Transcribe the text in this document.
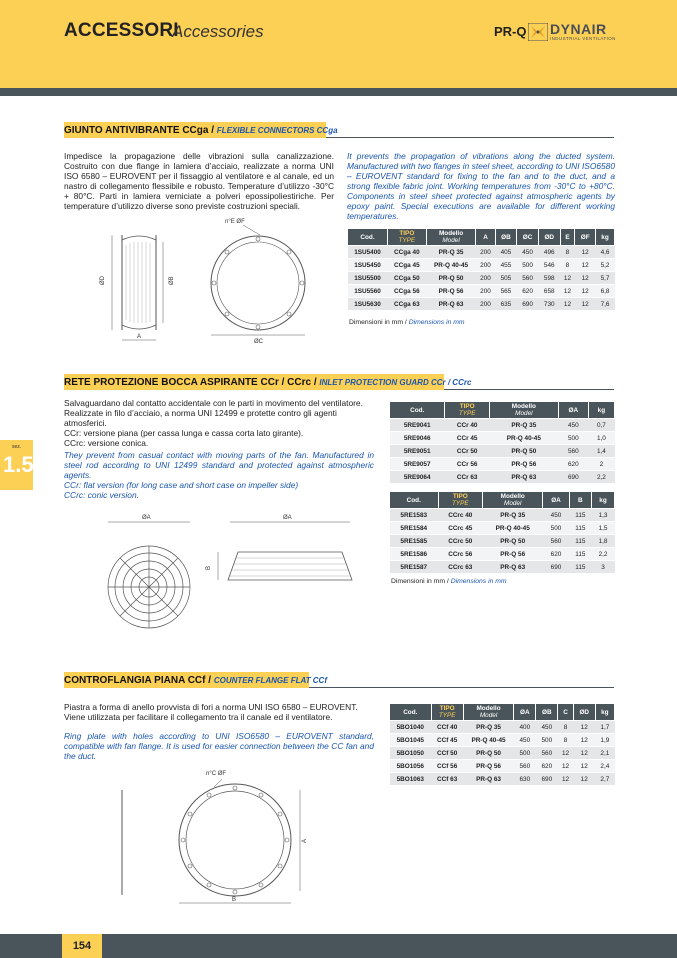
ACCESSORI
Accessories	PR-Q DYNAIR
INDUSTRIAL VENTILATION
sez.
1.5
GIUNTO ANTIVIBRANTE CCga / FLEXIBLE CONNECTORS CCga
Impedisce la propagazione delle vibrazioni sulla canalizzazione. Costruito con due flange in lamiera d’acciaio, realizzate a norma UNI ISO 6580 – EUROVENT per il fissaggio al ventilatore e al canale, ed un nastro di collegamento flessibile e robusto. Temperature d’utilizzo -30°C + 80°C. Parti in lamiera verniciate a polveri epossipoliestiriche. Per temperature d’utilizzo diverse sono previste costruzioni speciali.
It prevents the propagation of vibrations along the ducted system. Manufactured with two flanges in steel sheet, according to UNI ISO6580 – EUROVENT standard for fixing to the fan and to the duct, and a strong flexible fabric joint. Working temperatures from -30°C to +80°C. Components in steel sheet protected against atmospheric agents by epoxy paint. Special executions are available for different working temperatures.
ØD	ØB
A
n°E ØF
ØC
Cod.	TIPO
TYPE	Modello
Model	A	ØB	ØC	ØD	E	ØF	kg
1SU5400	CCga 40	PR-Q 35	200	405	450	496	8	12	4,6
1SU5450	CCga 45	PR-Q 40-45	200	455	500	546	8	12	5,2
1SU5500	CCga 50	PR-Q 50	200	505	560	598	12	12	5,7
1SU5560	CCga 56	PR-Q 56	200	565	620	658	12	12	6,8
1SU5630	CCga 63	PR-Q 63	200	635	690	730	12	12	7,6
Dimensioni in mm / Dimensions in mm
RETE PROTEZIONE BOCCA ASPIRANTE CCr / CCrc / INLET PROTECTION GUARD CCr / CCrc

Salvaguardano dal contatto accidentale con le parti in movimento del ventilatore.

Realizzate in filo d’acciaio, a norma UNI 12499 e protette contro gli agenti atmosferici.

CCr: versione piana (per cassa lunga e cassa corta lato girante).

CCrc: versione conica.

They prevent from casual contact with moving parts of the fan. Manufactured in steel rod according to UNI 12499 standard and protected against atmospheric agents.

CCr: flat version (for long case and short case on impeller side)

CCrc: conic version.

ØA	ØA
B
Cod.	TIPO
TYPE	Modello
Model	ØA	kg
5RE9041	CCr 40	PR-Q 35	450	0,7
5RE9046	CCr 45	PR-Q 40-45	500	1,0
5RE9051	CCr 50	PR-Q 50	560	1,4
5RE9057	CCr 56	PR-Q 56	620	2
5RE9064	CCr 63	PR-Q 63	690	2,2
Cod.	TIPO
TYPE	Modello
Model	ØA	B	kg
5RE1583	CCrc 40	PR-Q 35	450	115	1,3
5RE1584	CCrc 45	PR-Q 40-45	500	115	1,5
5RE1585	CCrc 50	PR-Q 50	560	115	1,8
5RE1586	CCrc 56	PR-Q 56	620	115	2,2
5RE1587	CCrc 63	PR-Q 63	690	115	3
Dimensioni in mm / Dimensions in mm
CONTROFLANGIA PIANA CCf / COUNTER FLANGE FLAT CCf

Piastra a forma di anello provvista di fori a norma UNI ISO 6580 – EUROVENT.

Viene utilizzata per facilitare il collegamento tra il canale ed il ventilatore.

Ring plate with holes according to UNI ISO6580 – EUROVENT standard, compatible with fan flange. It is used for easier connection between the CC fan and the duct.
n°C ØF
A
B
Cod.	TIPO
TYPE	Modello
Model	ØA	ØB	C	ØD	kg
5BO1040	CCf 40	PR-Q 35	400	450	8	12	1,7
5BO1045	CCf 45	PR-Q 40-45	450	500	8	12	1,9
5BO1050	CCf 50	PR-Q 50	500	560	12	12	2,1
5BO1056	CCf 56	PR-Q 56	560	620	12	12	2,4
5BO1063	CCf 63	PR-Q 63	630	690	12	12	2,7
154
